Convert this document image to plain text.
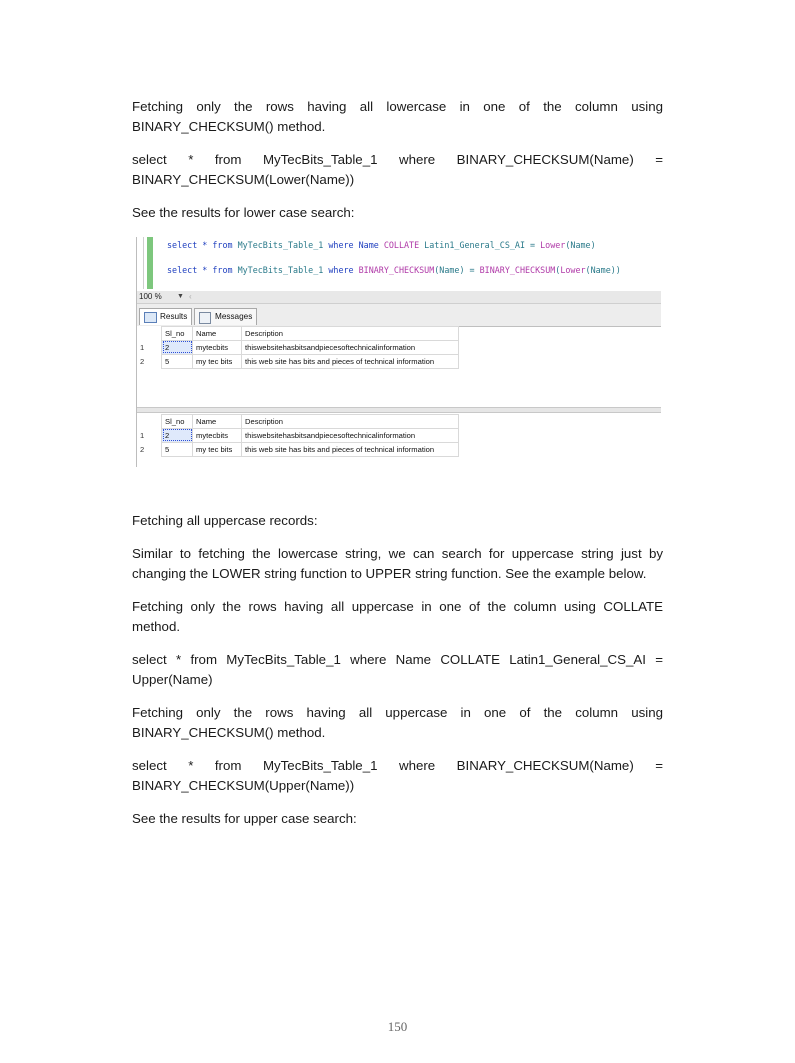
Fetching only the rows having all lowercase in one of the column using BINARY_CHECKSUM() method.

select * from MyTecBits_Table_1 where BINARY_CHECKSUM(Name) = BINARY_CHECKSUM(Lower(Name))

See the results for lower case search:

select * from MyTecBits_Table_1 where Name COLLATE Latin1_General_CS_AI = Lower(Name)
select * from MyTecBits_Table_1 where BINARY_CHECKSUM(Name) = BINARY_CHECKSUM(Lower(Name))
100 % ▼ ‹
Results	Messages
	Sl_no	Name	Description
1	2	mytecbits	thiswebsitehasbitsandpiecesoftechnicalinformation
2	5	my tec bits	this web site has bits and pieces of technical information
	Sl_no	Name	Description
1	2	mytecbits	thiswebsitehasbitsandpiecesoftechnicalinformation
2	5	my tec bits	this web site has bits and pieces of technical information

Fetching all uppercase records:

Similar to fetching the lowercase string, we can search for uppercase string just by changing the LOWER string function to UPPER string function. See the example below.

Fetching only the rows having all uppercase in one of the column using COLLATE method.

select * from MyTecBits_Table_1 where Name COLLATE Latin1_General_CS_AI = Upper(Name)

Fetching only the rows having all uppercase in one of the column using BINARY_CHECKSUM() method.

select * from MyTecBits_Table_1 where BINARY_CHECKSUM(Name) = BINARY_CHECKSUM(Upper(Name))

See the results for upper case search:

150
